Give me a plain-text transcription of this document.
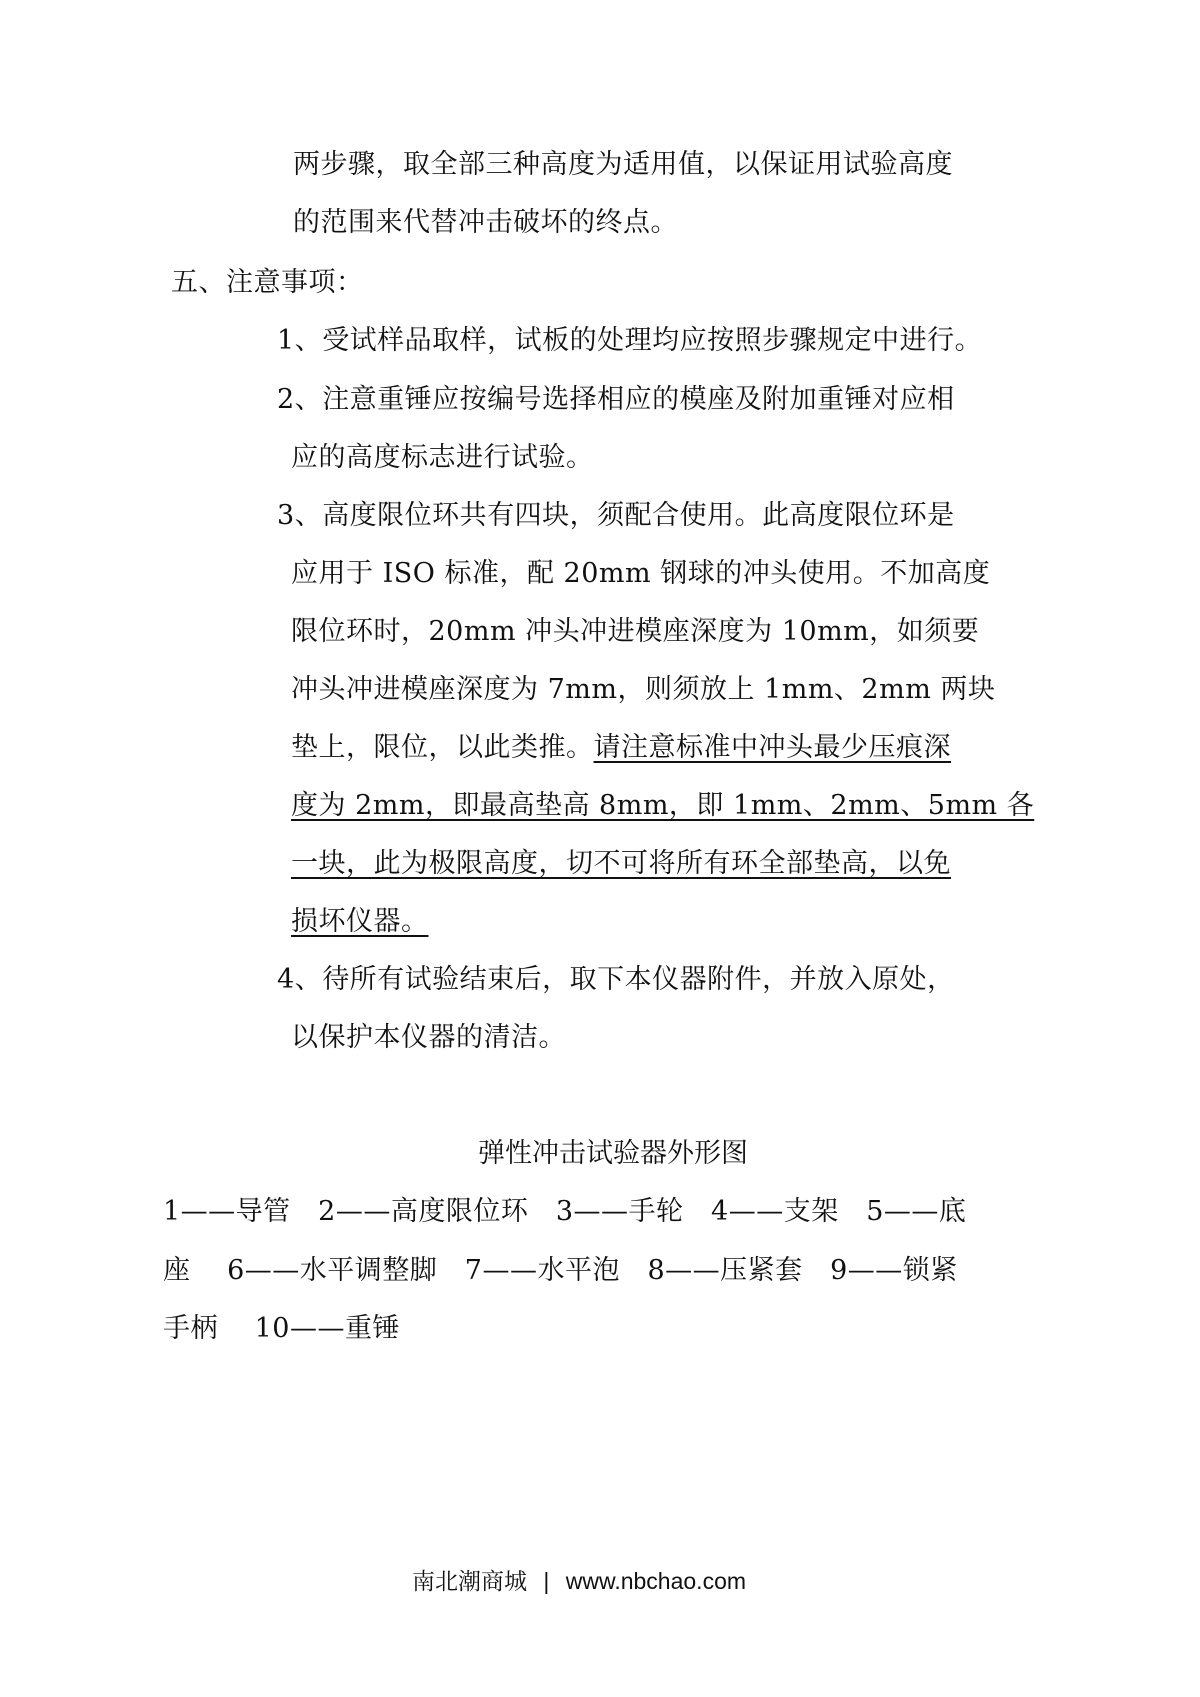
两步骤，取全部三种高度为适用值，以保证用试验高度
的范围来代替冲击破坏的终点。
五、注意事项：
1、受试样品取样，试板的处理均应按照步骤规定中进行。
2、注意重锤应按编号选择相应的模座及附加重锤对应相
应的高度标志进行试验。
3、高度限位环共有四块，须配合使用。此高度限位环是
应用于 ISO 标准，配 20mm 钢球的冲头使用。不加高度
限位环时，20mm 冲头冲进模座深度为 10mm，如须要
冲头冲进模座深度为 7mm，则须放上 1mm、2mm 两块
垫上，限位，以此类推。请注意标准中冲头最少压痕深
度为 2mm，即最高垫高 8mm，即 1mm、2mm、5mm 各
一块，此为极限高度，切不可将所有环全部垫高，以免
损坏仪器。
4、待所有试验结束后，取下本仪器附件，并放入原处，
以保护本仪器的清洁。
弹性冲击试验器外形图
1——导管　2——高度限位环　3——手轮　4——支架　5——底
座　 6——水平调整脚　7——水平泡　8——压紧套　9——锁紧
手柄　 10——重锤
南北潮商城 | www.nbchao.com
